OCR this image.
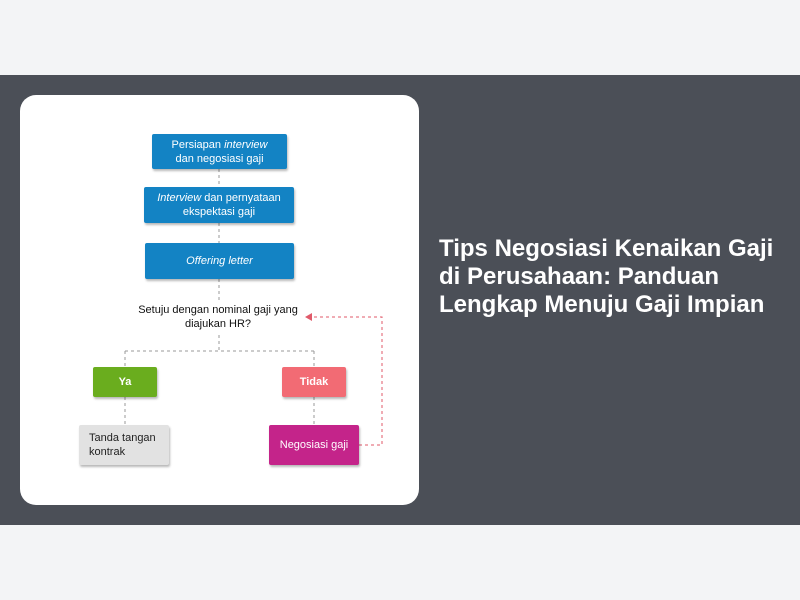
Persiapan interview
dan negosiasi gaji
Interview dan pernyataan
ekspektasi gaji
Offering letter
Setuju dengan nominal gaji yang diajukan HR?
Ya	Tidak
Tanda tangan kontrak
Negosiasi gaji
Tips Negosiasi Kenaikan Gaji di Perusahaan: Panduan Lengkap Menuju Gaji Impian
